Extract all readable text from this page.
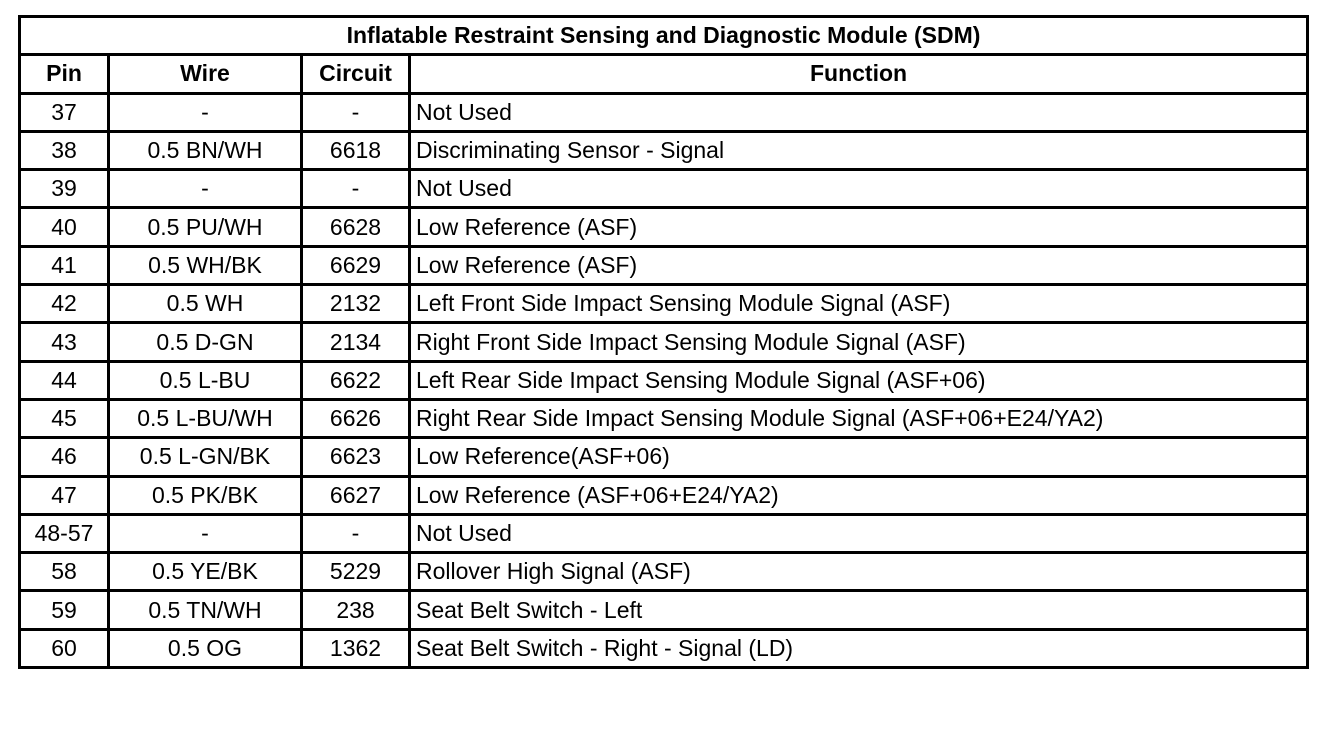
Inflatable Restraint Sensing and Diagnostic Module (SDM)			
Pin	Wire	Circuit	Function
37	-	-	Not Used
38	0.5 BN/WH	6618	Discriminating Sensor - Signal
39	-	-	Not Used
40	0.5 PU/WH	6628	Low Reference (ASF)
41	0.5 WH/BK	6629	Low Reference (ASF)
42	0.5 WH	2132	Left Front Side Impact Sensing Module Signal (ASF)
43	0.5 D-GN	2134	Right Front Side Impact Sensing Module Signal (ASF)
44	0.5 L-BU	6622	Left Rear Side Impact Sensing Module Signal (ASF+06)
45	0.5 L-BU/WH	6626	Right Rear Side Impact Sensing Module Signal (ASF+06+E24/YA2)
46	0.5 L-GN/BK	6623	Low Reference(ASF+06)
47	0.5 PK/BK	6627	Low Reference (ASF+06+E24/YA2)
48-57	-	-	Not Used
58	0.5 YE/BK	5229	Rollover High Signal (ASF)
59	0.5 TN/WH	238	Seat Belt Switch - Left
60	0.5 OG	1362	Seat Belt Switch - Right - Signal (LD)
